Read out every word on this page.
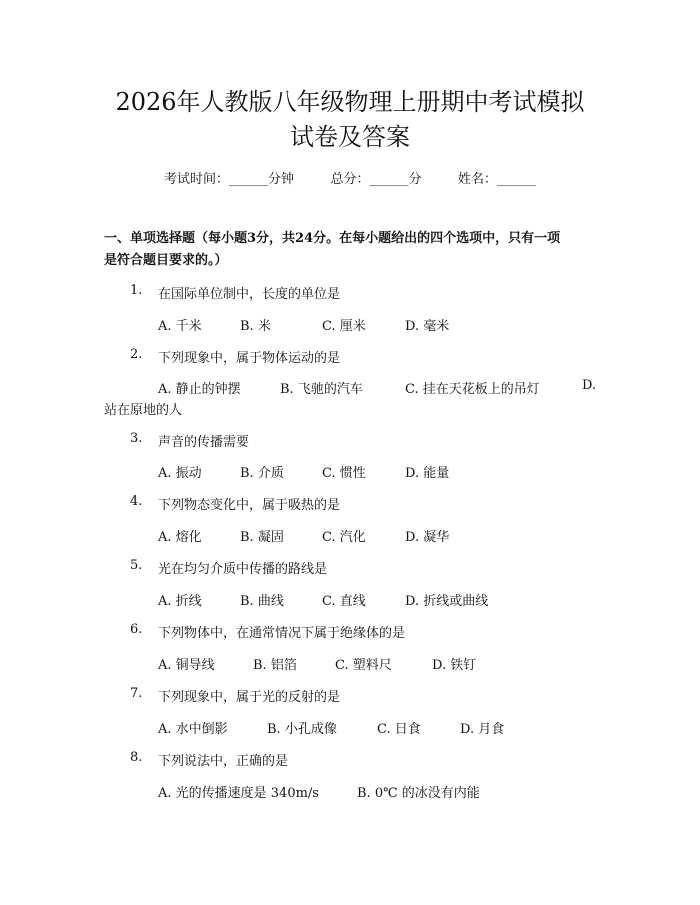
2026年人教版八年级物理上册期中考试模拟
试卷及答案
考试时间：______分钟	总分：______分	姓名：______
一、单项选择题（每小题3分，共24分。在每小题给出的四个选项中，只有一项
是符合题目要求的。）
1. 在国际单位制中，长度的单位是
A. 千米	B. 米	C. 厘米	D. 毫米
2. 下列现象中，属于物体运动的是
A. 静止的钟摆	B. 飞驰的汽车	C. 挂在天花板上的吊灯	D.
站在原地的人
3. 声音的传播需要
A. 振动	B. 介质	C. 惯性	D. 能量
4. 下列物态变化中，属于吸热的是
A. 熔化	B. 凝固	C. 汽化	D. 凝华
5. 光在均匀介质中传播的路线是
A. 折线	B. 曲线	C. 直线	D. 折线或曲线
6. 下列物体中，在通常情况下属于绝缘体的是
A. 铜导线	B. 铝箔	C. 塑料尺	D. 铁钉
7. 下列现象中，属于光的反射的是
A. 水中倒影	B. 小孔成像	C. 日食	D. 月食
8. 下列说法中，正确的是
A. 光的传播速度是 340m/s	B. 0℃ 的冰没有内能
